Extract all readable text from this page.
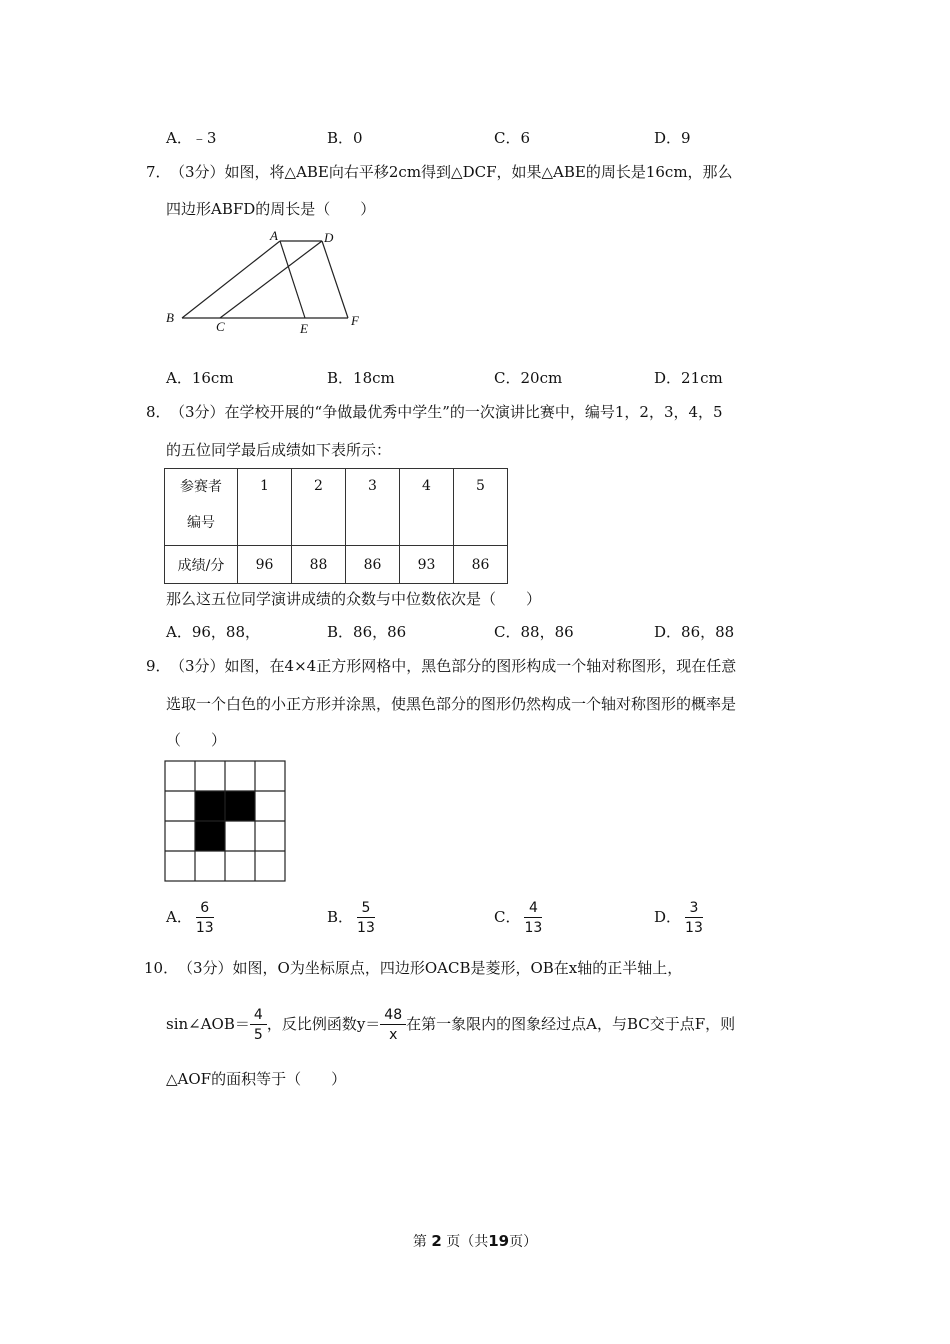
A．﹣3	B．0	C．6	D．9
7． （3分）如图，将△ABE向右平移2cm得到△DCF，如果△ABE的周长是16cm，那么
四边形ABFD的周长是（　　）
A	D
B
C	E
F
A．16cm	B．18cm	C．20cm	D．21cm
8． （3分）在学校开展的“争做最优秀中学生”的一次演讲比赛中，编号1，2，3，4，5
的五位同学最后成绩如下表所示：
参赛者
编号	1	2	3	4	5
成绩/分	96	88	86	93	86
那么这五位同学演讲成绩的众数与中位数依次是（　　）
A．96，88，	B．86，86	C．88，86	D．86，88
9． （3分）如图，在4×4正方形网格中，黑色部分的图形构成一个轴对称图形，现在任意
选取一个白色的小正方形并涂黑，使黑色部分的图形仍然构成一个轴对称图形的概率是
（　　）
A． $\frac{6}{13}$	B． $\frac{5}{13}$	C． $\frac{4}{13}$	D． $\frac{3}{13}$
10． （3分）如图，O为坐标原点，四边形OACB是菱形，OB在x轴的正半轴上，
sin∠AOB＝ $\frac{4}{5}$ ，反比例函数$y= \frac{48}{x}$ 在第一象限内的图象经过点A，与BC交于点F，则
△AOF的面积等于（　　）
第 2 页（共19页）
